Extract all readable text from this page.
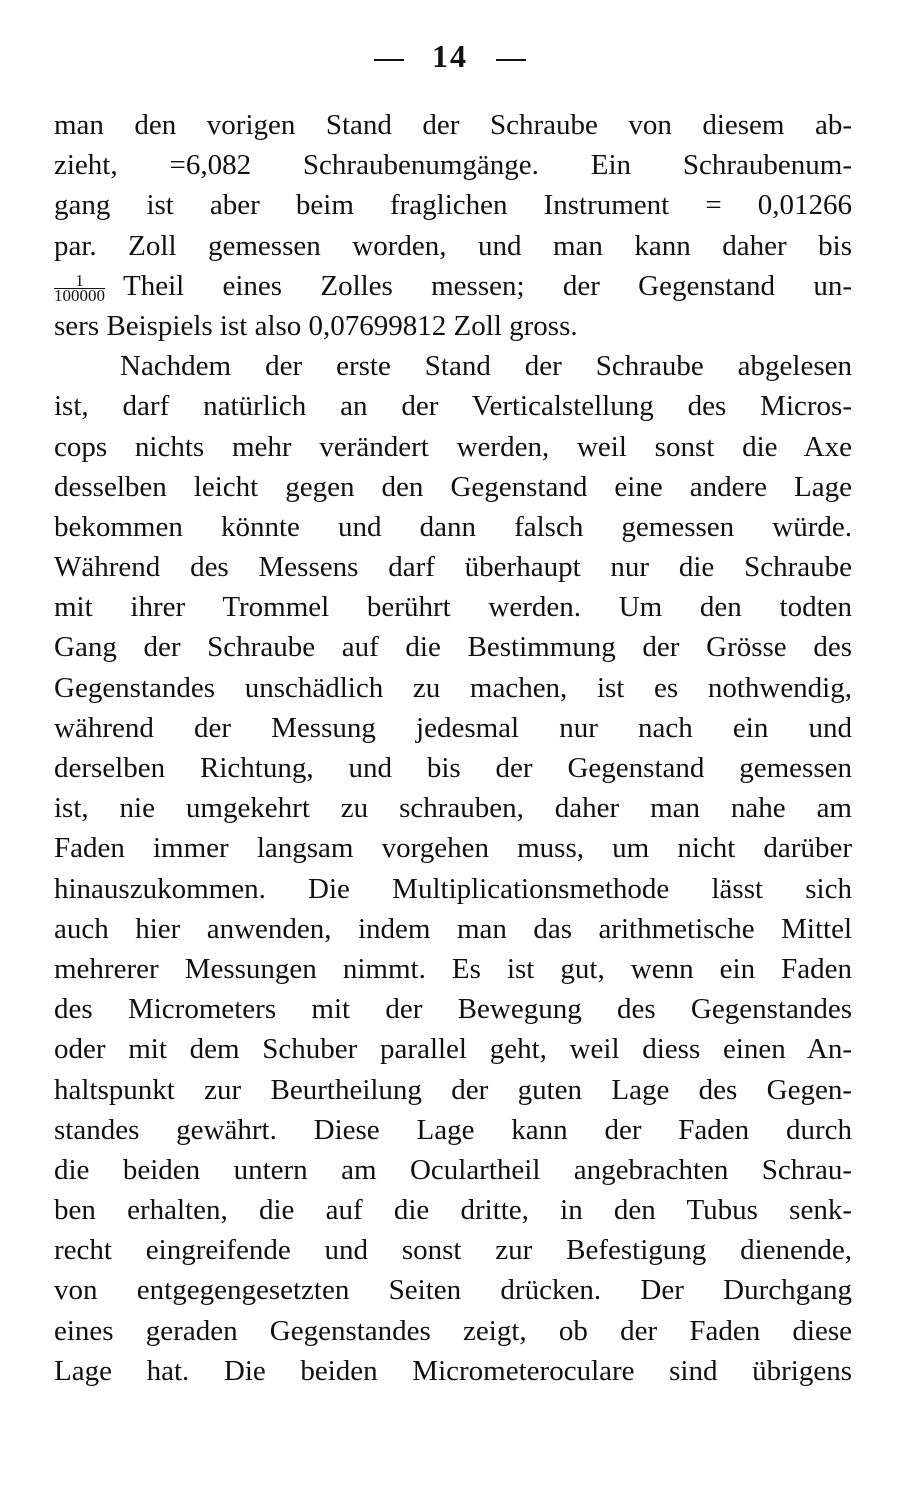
14
man den vorigen Stand der Schraube von diesem ab-
zieht, =6,082 Schraubenumgänge. Ein Schraubenum-
gang ist aber beim fraglichen Instrument = 0,01266
par. Zoll gemessen worden, und man kann daher bis
$\frac{1}{100000}$ Theil eines Zolles messen; der Gegenstand un-
sers Beispiels ist also 0,07699812 Zoll gross.
Nachdem der erste Stand der Schraube abgelesen
ist, darf natürlich an der Verticalstellung des Micros-
cops nichts mehr verändert werden, weil sonst die Axe
desselben leicht gegen den Gegenstand eine andere Lage
bekommen könnte und dann falsch gemessen würde.
Während des Messens darf überhaupt nur die Schraube
mit ihrer Trommel berührt werden. Um den todten
Gang der Schraube auf die Bestimmung der Grösse des
Gegenstandes unschädlich zu machen, ist es nothwendig,
während der Messung jedesmal nur nach ein und
derselben Richtung, und bis der Gegenstand gemessen
ist, nie umgekehrt zu schrauben, daher man nahe am
Faden immer langsam vorgehen muss, um nicht darüber
hinauszukommen. Die Multiplicationsmethode lässt sich
auch hier anwenden, indem man das arithmetische Mittel
mehrerer Messungen nimmt. Es ist gut, wenn ein Faden
des Micrometers mit der Bewegung des Gegenstandes
oder mit dem Schuber parallel geht, weil diess einen An-
haltspunkt zur Beurtheilung der guten Lage des Gegen-
standes gewährt. Diese Lage kann der Faden durch
die beiden untern am Oculartheil angebrachten Schrau-
ben erhalten, die auf die dritte, in den Tubus senk-
recht eingreifende und sonst zur Befestigung dienende,
von entgegengesetzten Seiten drücken. Der Durchgang
eines geraden Gegenstandes zeigt, ob der Faden diese
Lage hat. Die beiden Micrometeroculare sind übrigens
